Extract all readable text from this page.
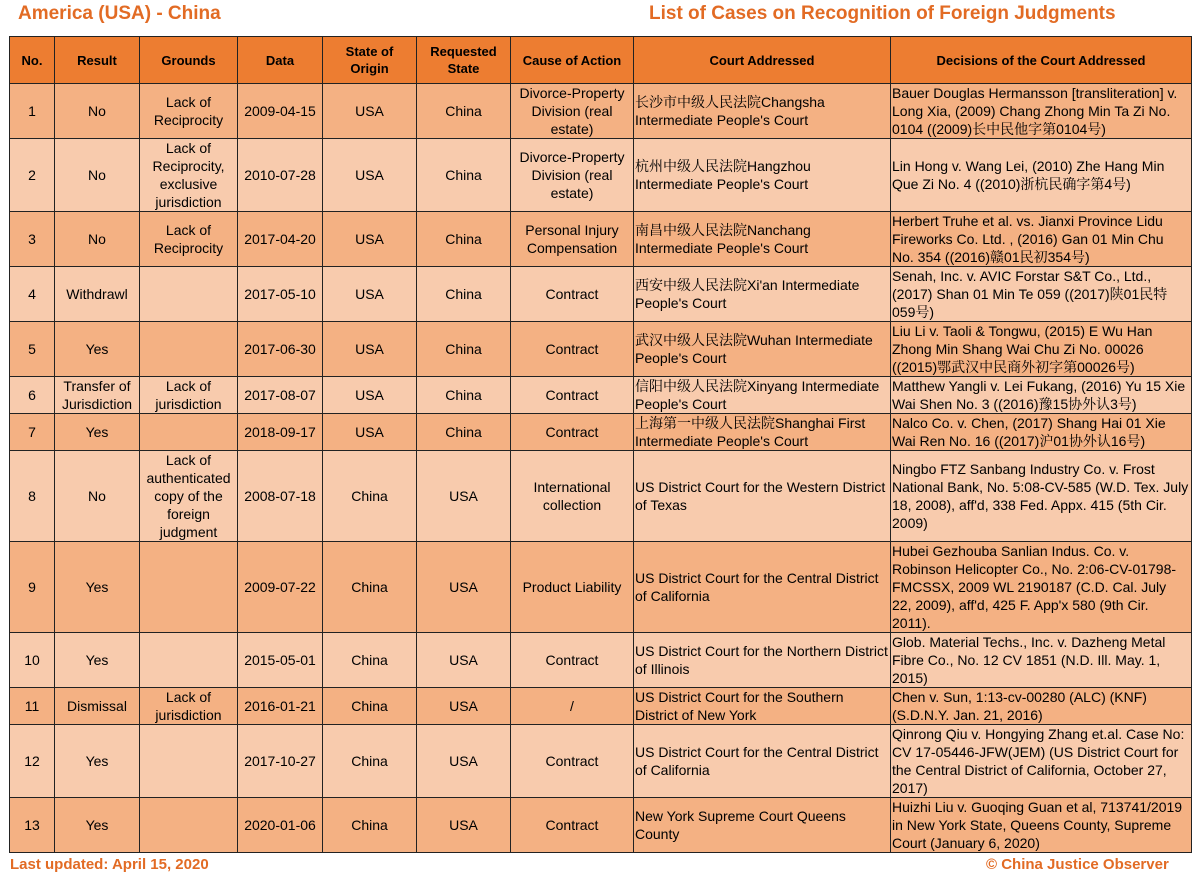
America (USA) - China	List of Cases on Recognition of Foreign Judgments
No.	Result	Grounds	Data	State of Origin	Requested State	Cause of Action	Court Addressed	Decisions of the Court Addressed
1	No	Lack of Reciprocity	2009-04-15	USA	China	Divorce-Property Division (real estate)	长沙市中级人民法院Changsha Intermediate People's Court	Bauer Douglas Hermansson [transliteration] v. Long Xia, (2009) Chang Zhong Min Ta Zi No. 0104 ((2009)长中民他字第0104号)
2	No	Lack of Reciprocity, exclusive jurisdiction	2010-07-28	USA	China	Divorce-Property Division (real estate)	杭州中级人民法院Hangzhou Intermediate People's Court	Lin Hong v. Wang Lei, (2010) Zhe Hang Min Que Zi No. 4 ((2010)浙杭民确字第4号)
3	No	Lack of Reciprocity	2017-04-20	USA	China	Personal Injury Compensation	南昌中级人民法院Nanchang Intermediate People's Court	Herbert Truhe et al. vs. Jianxi Province Lidu Fireworks Co. Ltd. , (2016) Gan 01 Min Chu No. 354 ((2016)赣01民初354号)
4	Withdrawl		2017-05-10	USA	China	Contract	西安中级人民法院Xi'an Intermediate People's Court	Senah, Inc. v. AVIC Forstar S&T Co., Ltd., (2017) Shan 01 Min Te 059 ((2017)陕01民特059号)
5	Yes		2017-06-30	USA	China	Contract	武汉中级人民法院Wuhan Intermediate People's Court	Liu Li v. Taoli & Tongwu, (2015) E Wu Han Zhong Min Shang Wai Chu Zi No. 00026 ((2015)鄂武汉中民商外初字第00026号)
6	Transfer of Jurisdiction	Lack of jurisdiction	2017-08-07	USA	China	Contract	信阳中级人民法院Xinyang Intermediate People's Court	Matthew Yangli v. Lei Fukang, (2016) Yu 15 Xie Wai Shen No. 3 ((2016)豫15协外认3号)
7	Yes		2018-09-17	USA	China	Contract	上海第一中级人民法院Shanghai First Intermediate People's Court	Nalco Co. v. Chen, (2017) Shang Hai 01 Xie Wai Ren No. 16 ((2017)沪01协外认16号)
8	No	Lack of authenticated copy of the foreign judgment	2008-07-18	China	USA	International collection	US District Court for the Western District of Texas	Ningbo FTZ Sanbang Industry Co. v. Frost National Bank, No. 5:08-CV-585 (W.D. Tex. July 18, 2008), aff'd, 338 Fed. Appx. 415 (5th Cir. 2009)
9	Yes		2009-07-22	China	USA	Product Liability	US District Court for the Central District of California	Hubei Gezhouba Sanlian Indus. Co. v. Robinson Helicopter Co., No. 2:06-CV-01798-FMCSSX, 2009 WL 2190187 (C.D. Cal. July 22, 2009), aff'd, 425 F. App'x 580 (9th Cir. 2011).
10	Yes		2015-05-01	China	USA	Contract	US District Court for the Northern District of Illinois	Glob. Material Techs., Inc. v. Dazheng Metal Fibre Co., No. 12 CV 1851 (N.D. Ill. May. 1, 2015)
11	Dismissal	Lack of jurisdiction	2016-01-21	China	USA	/	US District Court for the Southern District of New York	Chen v. Sun, 1:13-cv-00280 (ALC) (KNF) (S.D.N.Y. Jan. 21, 2016)
12	Yes		2017-10-27	China	USA	Contract	US District Court for the Central District of California	Qinrong Qiu v. Hongying Zhang et.al. Case No: CV 17-05446-JFW(JEM) (US District Court for the Central District of California, October 27, 2017)
13	Yes		2020-01-06	China	USA	Contract	New York Supreme Court Queens County	Huizhi Liu v. Guoqing Guan et al, 713741/2019 in New York State, Queens County, Supreme Court (January 6, 2020)
Last updated: April 15, 2020	© China Justice Observer
